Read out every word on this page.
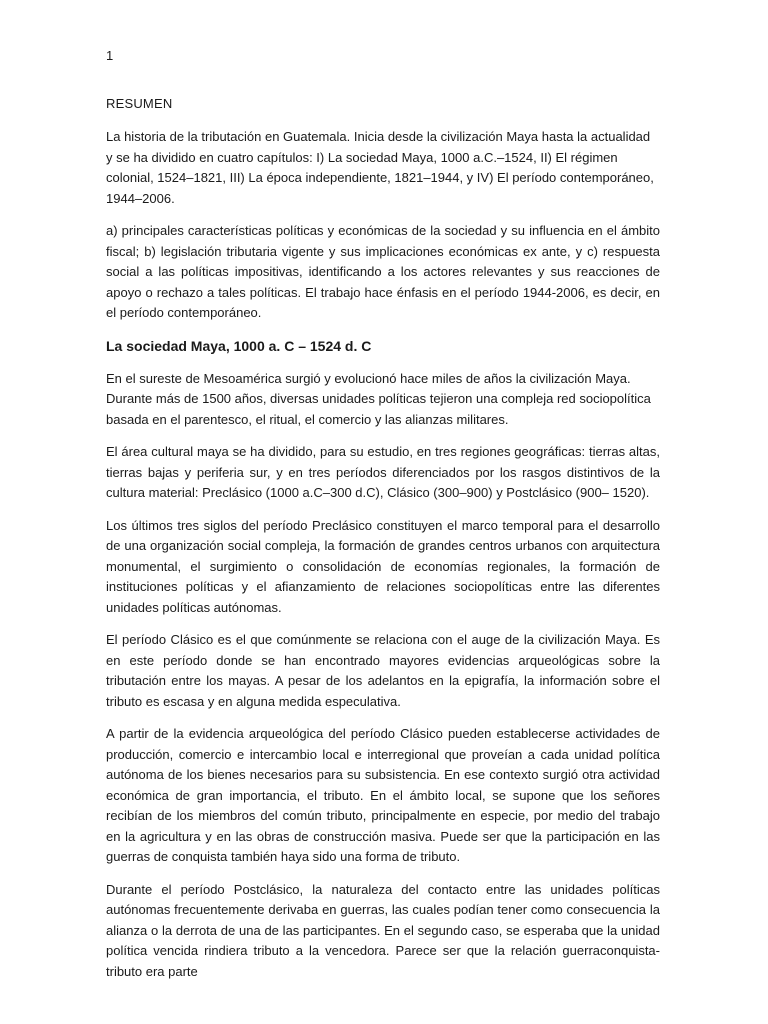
1
RESUMEN

La historia de la tributación en Guatemala. Inicia desde la civilización Maya hasta la actualidad y se ha dividido en cuatro capítulos: I) La sociedad Maya, 1000 a.C.–1524, II) El régimen colonial, 1524–1821, III) La época independiente, 1821–1944, y IV) El período contemporáneo, 1944–2006.

a) principales características políticas y económicas de la sociedad y su influencia en el ámbito fiscal; b) legislación tributaria vigente y sus implicaciones económicas ex ante, y c) respuesta social a las políticas impositivas, identificando a los actores relevantes y sus reacciones de apoyo o rechazo a tales políticas. El trabajo hace énfasis en el período 1944-2006, es decir, en el período contemporáneo.

La sociedad Maya, 1000 a. C – 1524 d. C

En el sureste de Mesoamérica surgió y evolucionó hace miles de años la civilización Maya. Durante más de 1500 años, diversas unidades políticas tejieron una compleja red sociopolítica basada en el parentesco, el ritual, el comercio y las alianzas militares.

El área cultural maya se ha dividido, para su estudio, en tres regiones geográficas: tierras altas, tierras bajas y periferia sur, y en tres períodos diferenciados por los rasgos distintivos de la cultura material: Preclásico (1000 a.C–300 d.C), Clásico (300–900) y Postclásico (900– 1520).

Los últimos tres siglos del período Preclásico constituyen el marco temporal para el desarrollo de una organización social compleja, la formación de grandes centros urbanos con arquitectura monumental, el surgimiento o consolidación de economías regionales, la formación de instituciones políticas y el afianzamiento de relaciones sociopolíticas entre las diferentes unidades políticas autónomas.

El período Clásico es el que comúnmente se relaciona con el auge de la civilización Maya. Es en este período donde se han encontrado mayores evidencias arqueológicas sobre la tributación entre los mayas. A pesar de los adelantos en la epigrafía, la información sobre el tributo es escasa y en alguna medida especulativa.

A partir de la evidencia arqueológica del período Clásico pueden establecerse actividades de producción, comercio e intercambio local e interregional que proveían a cada unidad política autónoma de los bienes necesarios para su subsistencia. En ese contexto surgió otra actividad económica de gran importancia, el tributo. En el ámbito local, se supone que los señores recibían de los miembros del común tributo, principalmente en especie, por medio del trabajo en la agricultura y en las obras de construcción masiva. Puede ser que la participación en las guerras de conquista también haya sido una forma de tributo.

Durante el período Postclásico, la naturaleza del contacto entre las unidades políticas autónomas frecuentemente derivaba en guerras, las cuales podían tener como consecuencia la alianza o la derrota de una de las participantes. En el segundo caso, se esperaba que la unidad política vencida rindiera tributo a la vencedora. Parece ser que la relación guerraconquista-tributo era parte
